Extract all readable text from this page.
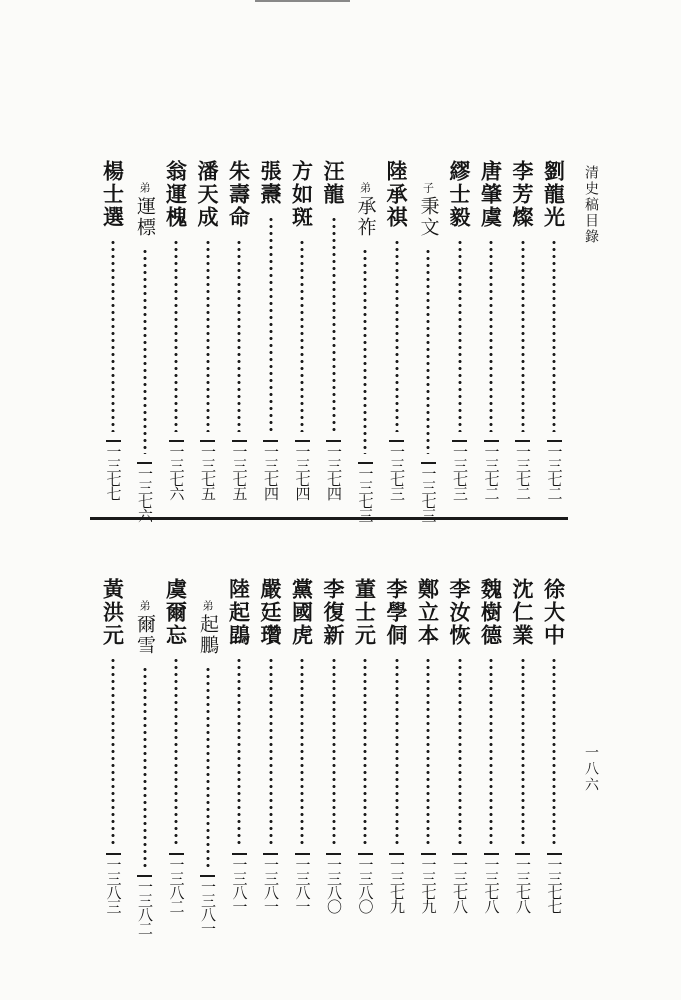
清史稿目錄
一八六
劉龍光
一三七二
李芳燦
一三七二
唐肇虞
一三七二
繆士毅
一三七三
子
秉文
一三七三
陸承祺
一三七三
弟
承祚
一三七三
汪龍
一三七四
方如斑
一三七四
張燾
一三七四
朱壽命
一三七五
潘天成
一三七五
翁運槐
一三七六
弟
運標
一三七六
楊士選
一三七七
徐大中
一三七七
沈仁業
一三七八
魏樹德
一三七八
李汝恢
一三七八
鄭立本
一三七九
李學侗
一三七九
董士元
一三八〇
李復新
一三八〇
黨國虎
一三八一
嚴廷瓚
一三八一
陸起鵾
一三八一
弟
起鵬
一三八一
虞爾忘
一三八二
弟
爾雪
一三八二
黃洪元
一三八三
